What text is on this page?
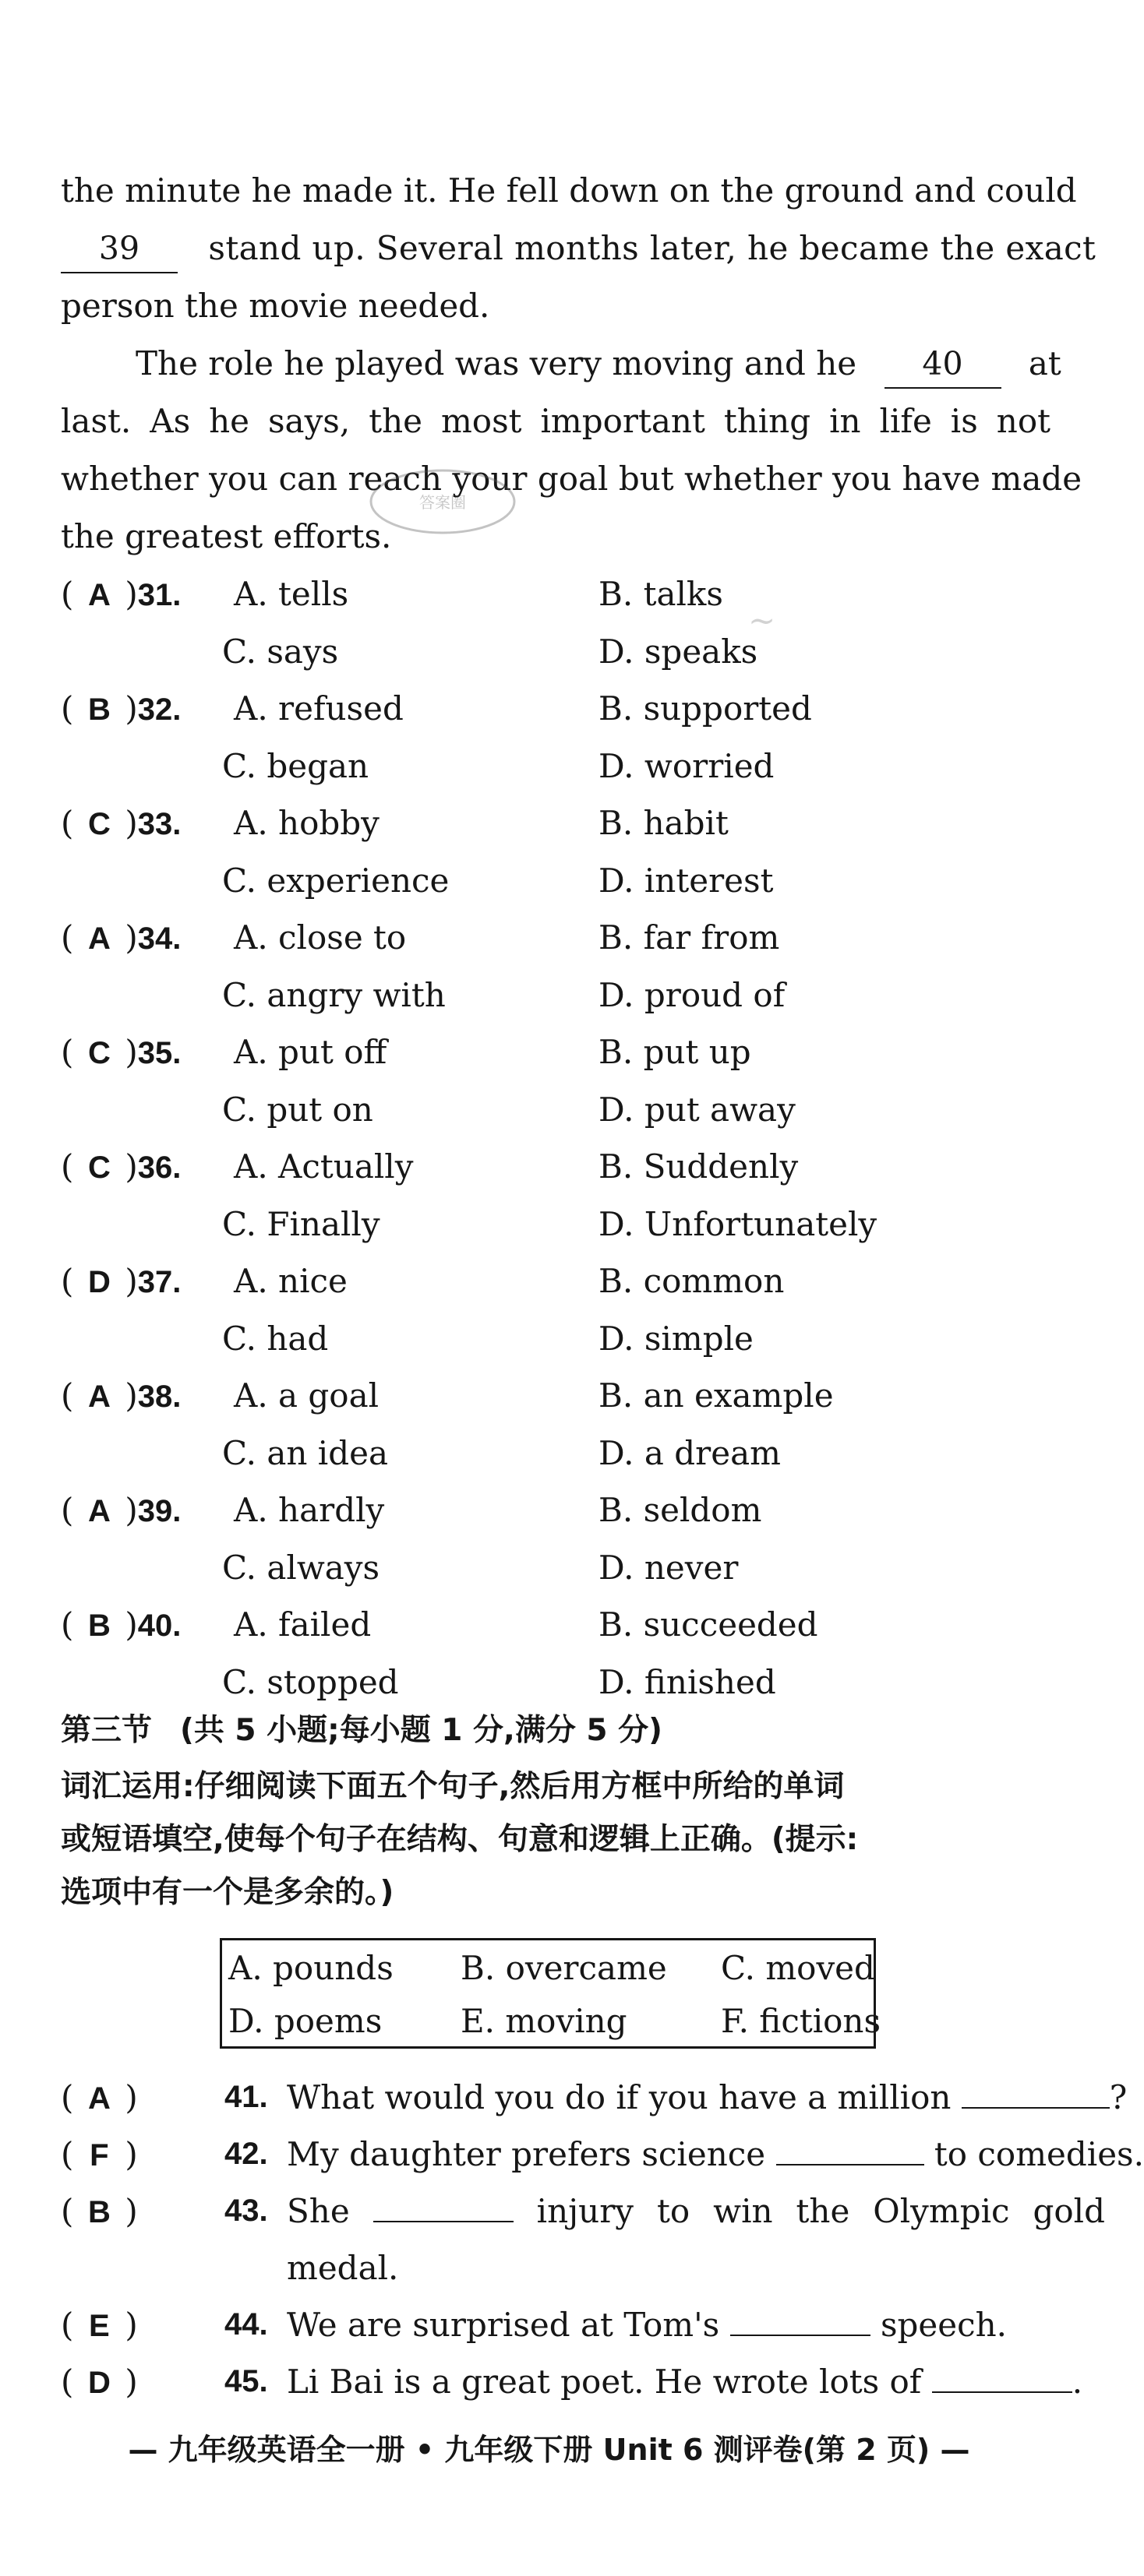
~
the minute he made it. He fell down on the ground and could
39 stand up. Several months later, he became the exact
person the movie needed.
The role he played was very moving and he 40 at
last. As he says, the most important thing in life is not
whether you can reach your goal but whether you have made
the greatest efforts.
答案圈
( A )31.	A. tells	B. talks
C. says	D. speaks
( B )32.	A. refused	B. supported
C. began	D. worried
( C )33.	A. hobby	B. habit
C. experience	D. interest
( A )34.	A. close to	B. far from
C. angry with	D. proud of
( C )35.	A. put off	B. put up
C. put on	D. put away
( C )36.	A. Actually	B. Suddenly
C. Finally	D. Unfortunately
( D )37.	A. nice	B. common
C. had	D. simple
( A )38.	A. a goal	B. an example
C. an idea	D. a dream
( A )39.	A. hardly	B. seldom
C. always	D. never
( B )40.	A. failed	B. succeeded
C. stopped	D. finished
第三节 (共 5 小题;每小题 1 分,满分 5 分)
词汇运用:仔细阅读下面五个句子,然后用方框中所给的单词
或短语填空,使每个句子在结构、句意和逻辑上正确。(提示:
选项中有一个是多余的。)
A. pounds B. overcame C. moved
D. poems E. moving	F. fictions
( A )	41. What would you do if you have a million	?
( F )	42. My daughter prefers science	to comedies.
( B )	43. She	injury to win the Olympic gold
medal.
( E )	44. We are surprised at Tom's	speech.
( D )	45. Li Bai is a great poet. He wrote lots of	.
— 九年级英语全一册 • 九年级下册 Unit 6 测评卷(第 2 页) —
